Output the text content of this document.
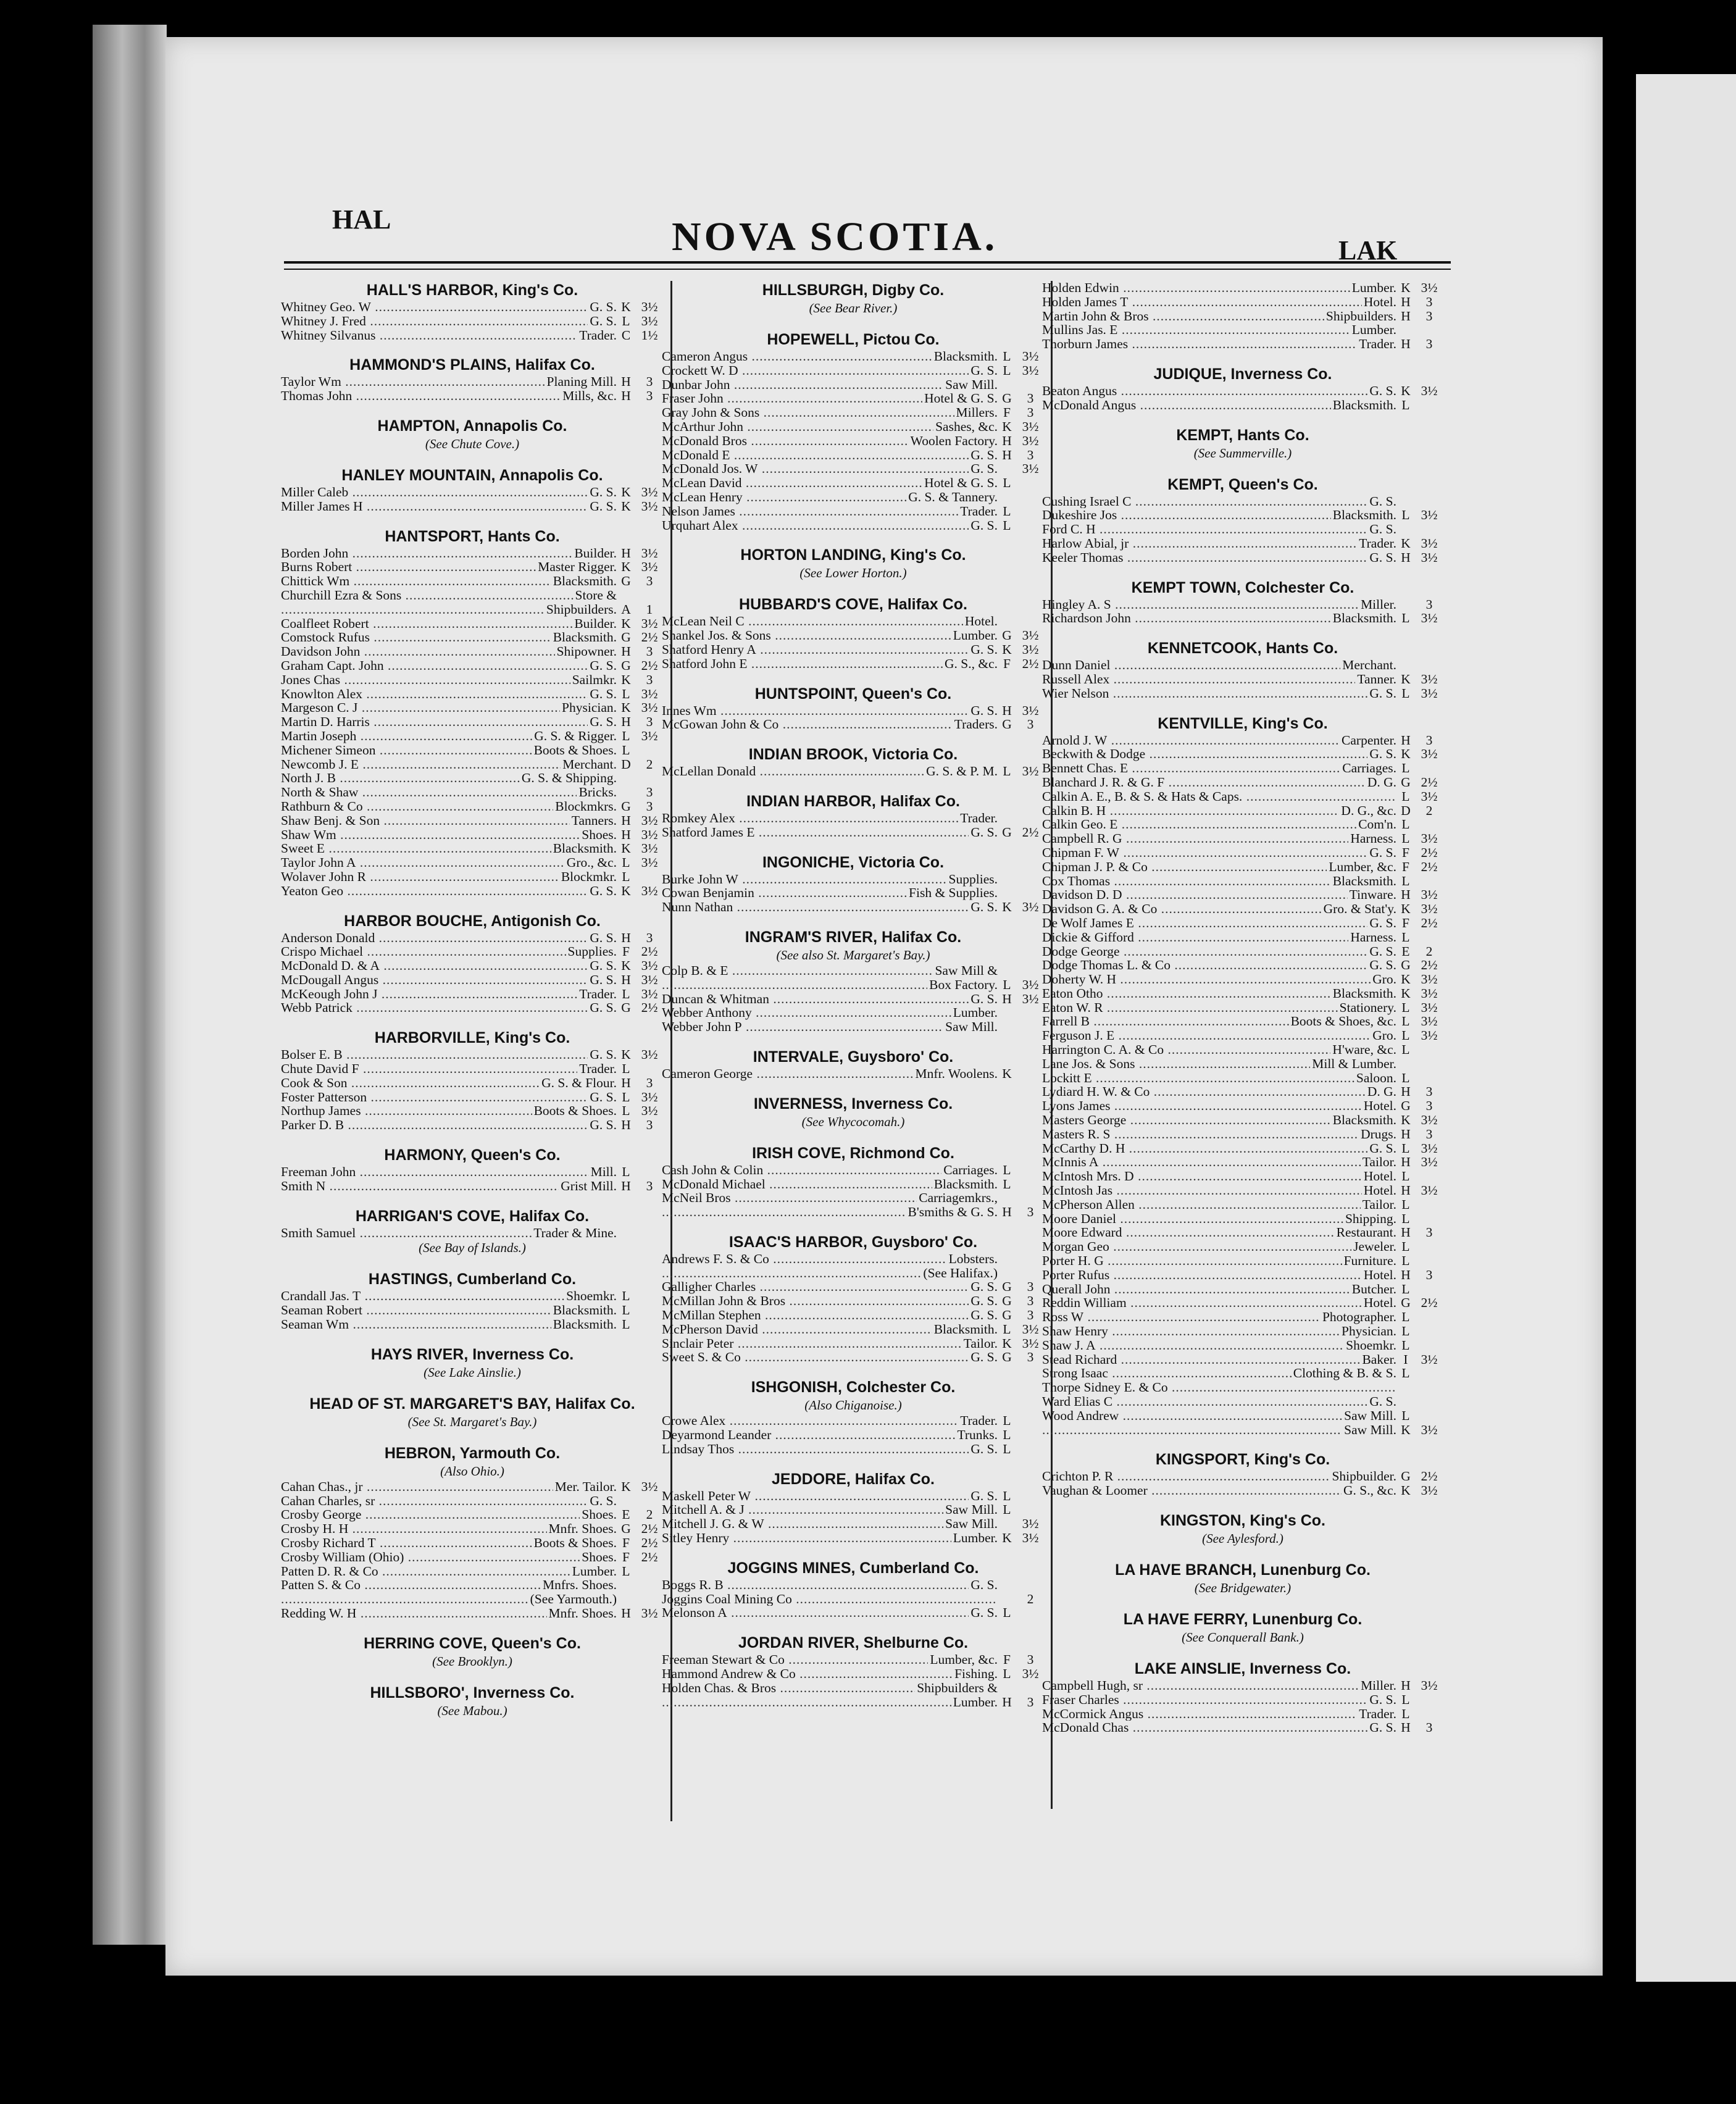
HAL	NOVA SCOTIA.	LAK
HALL'S HARBOR, King's Co.
Whitney Geo. W .....	G. S. K 3½
Whitney J. Fred .....	G. S. L 3½
Whitney Silvanus .....	Trader. C 1½
HAMMOND'S PLAINS, Halifax Co.
Taylor Wm .....	Planing Mill. H	3
Thomas John .....	Mills, &c. H	3
HAMPTON, Annapolis Co.
(See Chute Cove.)
HANLEY MOUNTAIN, Annapolis Co.
Miller Caleb .....	G. S. K 3½
Miller James H .....	G. S. K 3½
HANTSPORT, Hants Co.
Borden John .....	Builder. H 3½
Burns Robert .....	Master Rigger. K 3½
Chittick Wm .....	Blacksmith. G	3
Churchill Ezra & Sons .....	Store &
.....
Shipbuilders. A	1
Coalfleet Robert .....	Builder. K 3½
Comstock Rufus .....	Blacksmith. G 2½
Davidson John .....	Shipowner. H	3
Graham Capt. John .....	G. S. G 2½
Jones Chas .....	Sailmkr. K	3
Knowlton Alex .....	G. S. L 3½
Margeson C. J .....	Physician. K 3½
Martin D. Harris .....	G. S. H	3
Martin Joseph .....	G. S. & Rigger. L 3½
Michener Simeon .....	Boots & Shoes. L
Newcomb J. E .....	Merchant. D	2
North J. B .....	G. S. & Shipping.
North & Shaw .....	Bricks.	3
Rathburn & Co .....	Blockmkrs. G	3
Shaw Benj. & Son .....	Tanners. H 3½
Shaw Wm .....	Shoes. H 3½
Sweet E .....	Blacksmith. K 3½
Taylor John A .....	Gro., &c. L 3½
Wolaver John R .....	Blockmkr. L
Yeaton Geo .....	G. S. K 3½
HARBOR BOUCHE, Antigonish Co.
Anderson Donald .....	G. S. H	3
Crispo Michael .....	Supplies. F 2½
McDonald D. & A .....	G. S. K 3½
McDougall Angus .....	G. S. H 3½
McKeough John J .....	Trader. L 3½
Webb Patrick .....	G. S. G 2½
HARBORVILLE, King's Co.
Bolser E. B .....	G. S. K 3½
Chute David F .....	Trader. L
Cook & Son .....	G. S. & Flour. H	3
Foster Patterson .....	G. S. L 3½
Northup James .....	Boots & Shoes. L 3½
Parker D. B .....	G. S. H	3
HARMONY, Queen's Co.
Freeman John .....	Mill. L
Smith N .....	Grist Mill. H	3
HARRIGAN'S COVE, Halifax Co.
Smith Samuel .....	Trader & Mine.
(See Bay of Islands.)
HASTINGS, Cumberland Co.
Crandall Jas. T .....	Shoemkr. L
Seaman Robert .....	Blacksmith. L
Seaman Wm .....	Blacksmith. L
HAYS RIVER, Inverness Co.
(See Lake Ainslie.)
HEAD OF ST. MARGARET'S BAY, Halifax Co.
(See St. Margaret's Bay.)
HEBRON, Yarmouth Co.
(Also Ohio.)
Cahan Chas., jr .....	Mer. Tailor. K 3½
Cahan Charles, sr .....	G. S.
Crosby George .....	Shoes. E	2
Crosby H. H .....	Mnfr. Shoes. G 2½
Crosby Richard T .....	Boots & Shoes. F 2½
Crosby William (Ohio) .....	Shoes. F 2½
Patten D. R. & Co .....	Lumber. L
Patten S. & Co .....	Mnfrs. Shoes.
.....
(See Yarmouth.)
Redding W. H .....	Mnfr. Shoes. H 3½
HERRING COVE, Queen's Co.
(See Brooklyn.)
HILLSBORO', Inverness Co.
(See Mabou.)
HILLSBURGH, Digby Co.
(See Bear River.)
HOPEWELL, Pictou Co.
Cameron Angus .....	Blacksmith. L 3½
Crockett W. D .....	G. S. L 3½
Dunbar John .....	Saw Mill.
Fraser John .....	Hotel & G. S. G	3
Gray John & Sons .....	Millers. F	3
McArthur John .....	Sashes, &c. K 3½
McDonald Bros .....	Woolen Factory. H 3½
McDonald E .....	G. S. H	3
McDonald Jos. W .....	G. S.	3½
McLean David .....	Hotel & G. S. L
McLean Henry .....	G. S. & Tannery.
Nelson James .....	Trader. L
Urquhart Alex .....	G. S. L
HORTON LANDING, King's Co.
(See Lower Horton.)
HUBBARD'S COVE, Halifax Co.
McLean Neil C .....	Hotel.
Shankel Jos. & Sons .....	Lumber. G 3½
Shatford Henry A .....	G. S. K 3½
Shatford John E .....	G. S., &c. F 2½
HUNTSPOINT, Queen's Co.
Innes Wm .....	G. S. H 3½
McGowan John & Co .....	Traders. G	3
INDIAN BROOK, Victoria Co.
McLellan Donald .....	G. S. & P. M. L 3½
INDIAN HARBOR, Halifax Co.
Romkey Alex .....	Trader.
Shatford James E .....	G. S. G 2½
INGONICHE, Victoria Co.
Burke John W .....	Supplies.
Cowan Benjamin .....	Fish & Supplies.
Nunn Nathan .....	G. S. K 3½
INGRAM'S RIVER, Halifax Co.
(See also St. Margaret's Bay.)
Colp B. & E .....	Saw Mill &
.....
Box Factory. L 3½
Duncan & Whitman .....	G. S. H 3½
Webber Anthony .....	Lumber.
Webber John P .....	Saw Mill.
INTERVALE, Guysboro' Co.
Cameron George .....	Mnfr. Woolens. K
INVERNESS, Inverness Co.
(See Whycocomah.)
IRISH COVE, Richmond Co.
Cash John & Colin .....	Carriages. L
McDonald Michael .....	Blacksmith. L
McNeil Bros .....	Carriagemkrs.,
.....
B'smiths & G. S. H	3
ISAAC'S HARBOR, Guysboro' Co.
Andrews F. S. & Co .....	Lobsters.
.....
(See Halifax.)
Galligher Charles .....	G. S. G	3
McMillan John & Bros .....	G. S. G	3
McMillan Stephen .....	G. S. G	3
McPherson David .....	Blacksmith. L 3½
Sinclair Peter .....	Tailor. K 3½
Sweet S. & Co .....	G. S. G	3
ISHGONISH, Colchester Co.
(Also Chiganoise.)
Crowe Alex .....	Trader. L
Deyarmond Leander .....	Trunks. L
Lindsay Thos .....	G. S. L
JEDDORE, Halifax Co.
Maskell Peter W .....	G. S. L
Mitchell A. & J .....	Saw Mill. L
Mitchell J. G. & W .....	Saw Mill.	3½
Sitley Henry .....	Lumber. K 3½
JOGGINS MINES, Cumberland Co.
Boggs R. B .....	G. S.
Joggins Coal Mining Co .....	2
Melonson A .....	G. S. L
JORDAN RIVER, Shelburne Co.
Freeman Stewart & Co .....	Lumber, &c. F	3
Hammond Andrew & Co .....	Fishing. L 3½
Holden Chas. & Bros .....	Shipbuilders &
.....
Lumber. H	3
Holden Edwin .....	Lumber. K 3½
Holden James T .....	Hotel. H	3
Martin John & Bros .....	Shipbuilders. H	3
Mullins Jas. E .....	Lumber.
Thorburn James .....	Trader. H	3
JUDIQUE, Inverness Co.
Beaton Angus .....	G. S. K 3½
McDonald Angus .....	Blacksmith. L
KEMPT, Hants Co.
(See Summerville.)
KEMPT, Queen's Co.
Cushing Israel C .....	G. S.
Dukeshire Jos .....	Blacksmith. L 3½
Ford C. H .....	G. S.
Harlow Abial, jr .....	Trader. K 3½
Keeler Thomas .....	G. S. H 3½
KEMPT TOWN, Colchester Co.
Hingley A. S .....	Miller.	3
Richardson John .....	Blacksmith. L 3½
KENNETCOOK, Hants Co.
Dunn Daniel .....	Merchant.
Russell Alex .....	Tanner. K 3½
Wier Nelson .....	G. S. L 3½
KENTVILLE, King's Co.
Arnold J. W .....	Carpenter. H	3
Beckwith & Dodge .....	G. S. K 3½
Bennett Chas. E .....	Carriages. L
Blanchard J. R. & G. F .....	D. G. G 2½
Calkin A. E., B. & S. & Hats & Caps. .....	L 3½
Calkin B. H .....	D. G., &c. D	2
Calkin Geo. E .....	Com'n. L
Campbell R. G .....	Harness. L 3½
Chipman F. W .....	G. S. F 2½
Chipman J. P. & Co .....	Lumber, &c. F 2½
Cox Thomas .....	Blacksmith. L
Davidson D. D .....	Tinware. H 3½
Davidson G. A. & Co .....	Gro. & Stat'y. K 3½
De Wolf James E .....	G. S. F 2½
Dickie & Gifford .....	Harness. L
Dodge George .....	G. S. E	2
Dodge Thomas L. & Co .....	G. S. G 2½
Doherty W. H .....	Gro. K 3½
Eaton Otho .....	Blacksmith. K 3½
Eaton W. R .....	Stationery. L 3½
Farrell B .....	Boots & Shoes, &c. L 3½
Ferguson J. E .....	Gro. L 3½
Harrington C. A. & Co .....	H'ware, &c. L
Lane Jos. & Sons .....	Mill & Lumber.
Lockitt E .....	Saloon. L
Lydiard H. W. & Co .....	D. G. H	3
Lyons James .....	Hotel. G	3
Masters George .....	Blacksmith. K 3½
Masters R. S .....	Drugs. H	3
McCarthy D. H .....	G. S. L 3½
McInnis A .....	Tailor. H 3½
McIntosh Mrs. D .....	Hotel. L
McIntosh Jas .....	Hotel. H 3½
McPherson Allen .....	Tailor. L
Moore Daniel .....	Shipping. L
Moore Edward .....	Restaurant. H	3
Morgan Geo .....	Jeweler. L
Porter H. G .....	Furniture. L
Porter Rufus .....	Hotel. H	3
Querall John .....	Butcher. L
Reddin William .....	Hotel. G 2½
Ross W .....	Photographer. L
Shaw Henry .....	Physician. L
Shaw J. A .....	Shoemkr. L
Stead Richard .....	Baker. I 3½
Strong Isaac .....	Clothing & B. & S. L
Thorpe Sidney E. & Co .....
Ward Elias C .....	G. S.
Wood Andrew .....	Saw Mill. L
.....
Saw Mill. K 3½
KINGSPORT, King's Co.
Crichton P. R .....	Shipbuilder. G 2½
Vaughan & Loomer .....	G. S., &c. K 3½
KINGSTON, King's Co.
(See Aylesford.)
LA HAVE BRANCH, Lunenburg Co.
(See Bridgewater.)
LA HAVE FERRY, Lunenburg Co.
(See Conquerall Bank.)
LAKE AINSLIE, Inverness Co.
Campbell Hugh, sr .....	Miller. H 3½
Fraser Charles .....	G. S. L
McCormick Angus .....	Trader. L
McDonald Chas .....	G. S. H	3
